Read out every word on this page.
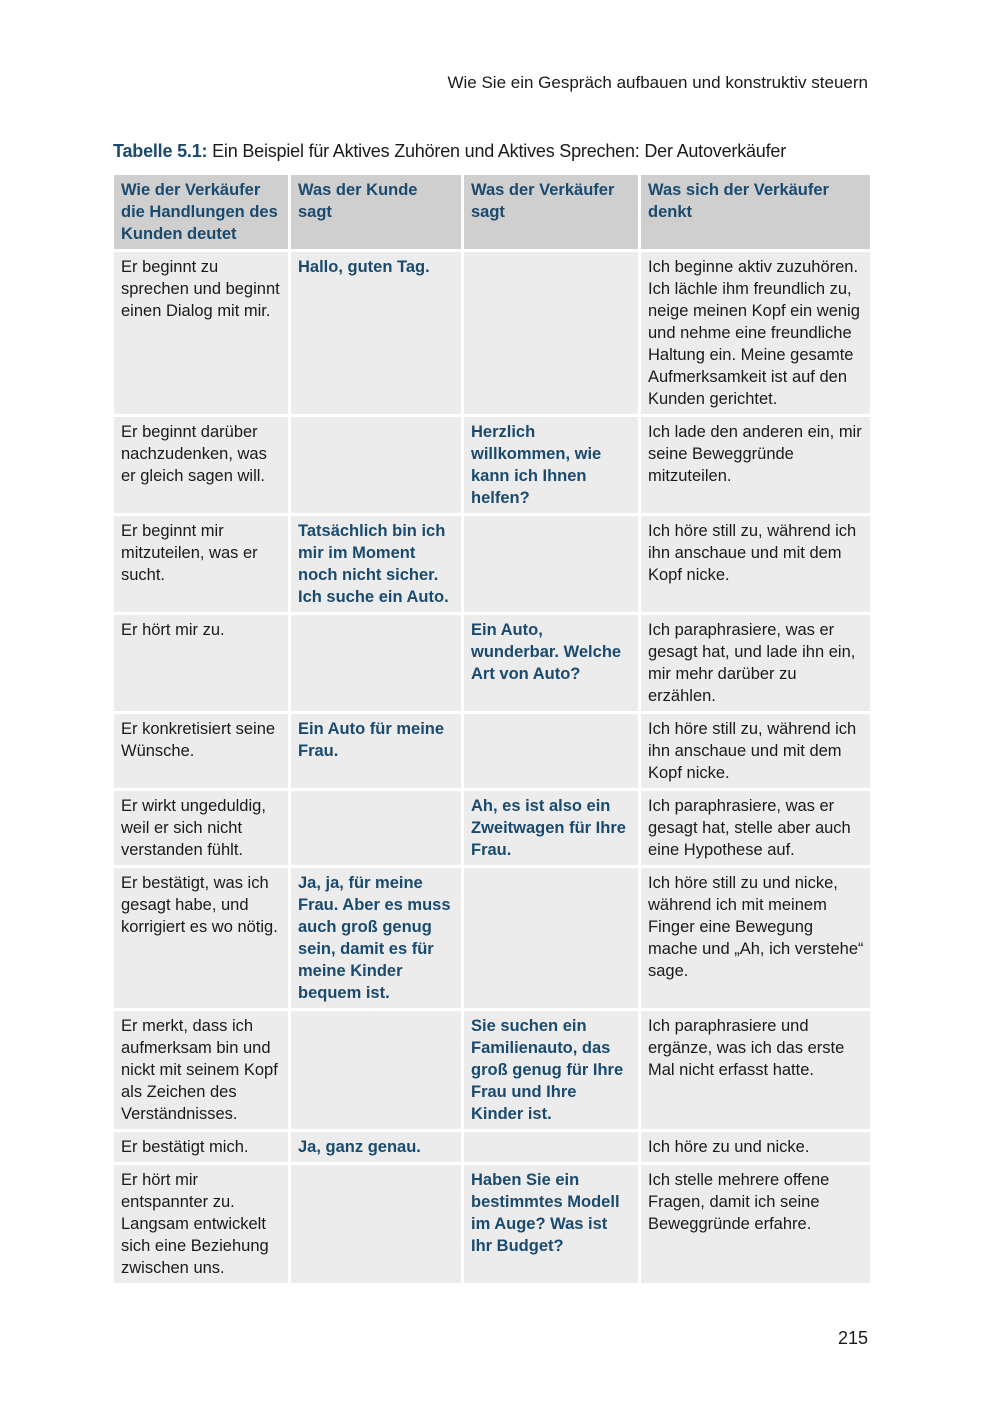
Wie Sie ein Gespräch aufbauen und konstruktiv steuern
Tabelle 5.1: Ein Beispiel für Aktives Zuhören und Aktives Sprechen: Der Autoverkäufer
Wie der Verkäufer die Handlungen des Kunden deutet	Was der Kunde sagt	Was der Verkäufer sagt	Was sich der Verkäufer denkt
Er beginnt zu sprechen und beginnt einen Dialog mit mir.	Hallo, guten Tag.		Ich beginne aktiv zuzuhören. Ich lächle ihm freundlich zu, neige meinen Kopf ein wenig und nehme eine freundliche Haltung ein. Meine gesamte Aufmerksamkeit ist auf den Kunden gerichtet.
Er beginnt darüber nachzudenken, was er gleich sagen will.		Herzlich willkommen, wie kann ich Ihnen helfen?	Ich lade den anderen ein, mir seine Beweggründe mitzuteilen.
Er beginnt mir mitzuteilen, was er sucht.	Tatsächlich bin ich mir im Moment noch nicht sicher. Ich suche ein Auto.		Ich höre still zu, während ich ihn anschaue und mit dem Kopf nicke.
Er hört mir zu.		Ein Auto, wunderbar. Welche Art von Auto?	Ich paraphrasiere, was er gesagt hat, und lade ihn ein, mir mehr darüber zu erzählen.
Er konkretisiert seine Wünsche.	Ein Auto für meine Frau.		Ich höre still zu, während ich ihn anschaue und mit dem Kopf nicke.
Er wirkt ungeduldig, weil er sich nicht verstanden fühlt.		Ah, es ist also ein Zweitwagen für Ihre Frau.	Ich paraphrasiere, was er gesagt hat, stelle aber auch eine Hypothese auf.
Er bestätigt, was ich gesagt habe, und korrigiert es wo nötig.	Ja, ja, für meine Frau. Aber es muss auch groß genug sein, damit es für meine Kinder bequem ist.		Ich höre still zu und nicke, während ich mit meinem Finger eine Bewegung mache und „Ah, ich verstehe“ sage.
Er merkt, dass ich aufmerksam bin und nickt mit seinem Kopf als Zeichen des Verständnisses.		Sie suchen ein Familienauto, das groß genug für Ihre Frau und Ihre Kinder ist.	Ich paraphrasiere und ergänze, was ich das erste Mal nicht erfasst hatte.
Er bestätigt mich.	Ja, ganz genau.		Ich höre zu und nicke.
Er hört mir entspannter zu. Langsam entwickelt sich eine Beziehung zwischen uns.		Haben Sie ein bestimmtes Modell im Auge? Was ist Ihr Budget?	Ich stelle mehrere offene Fragen, damit ich seine Beweggründe erfahre.
215
